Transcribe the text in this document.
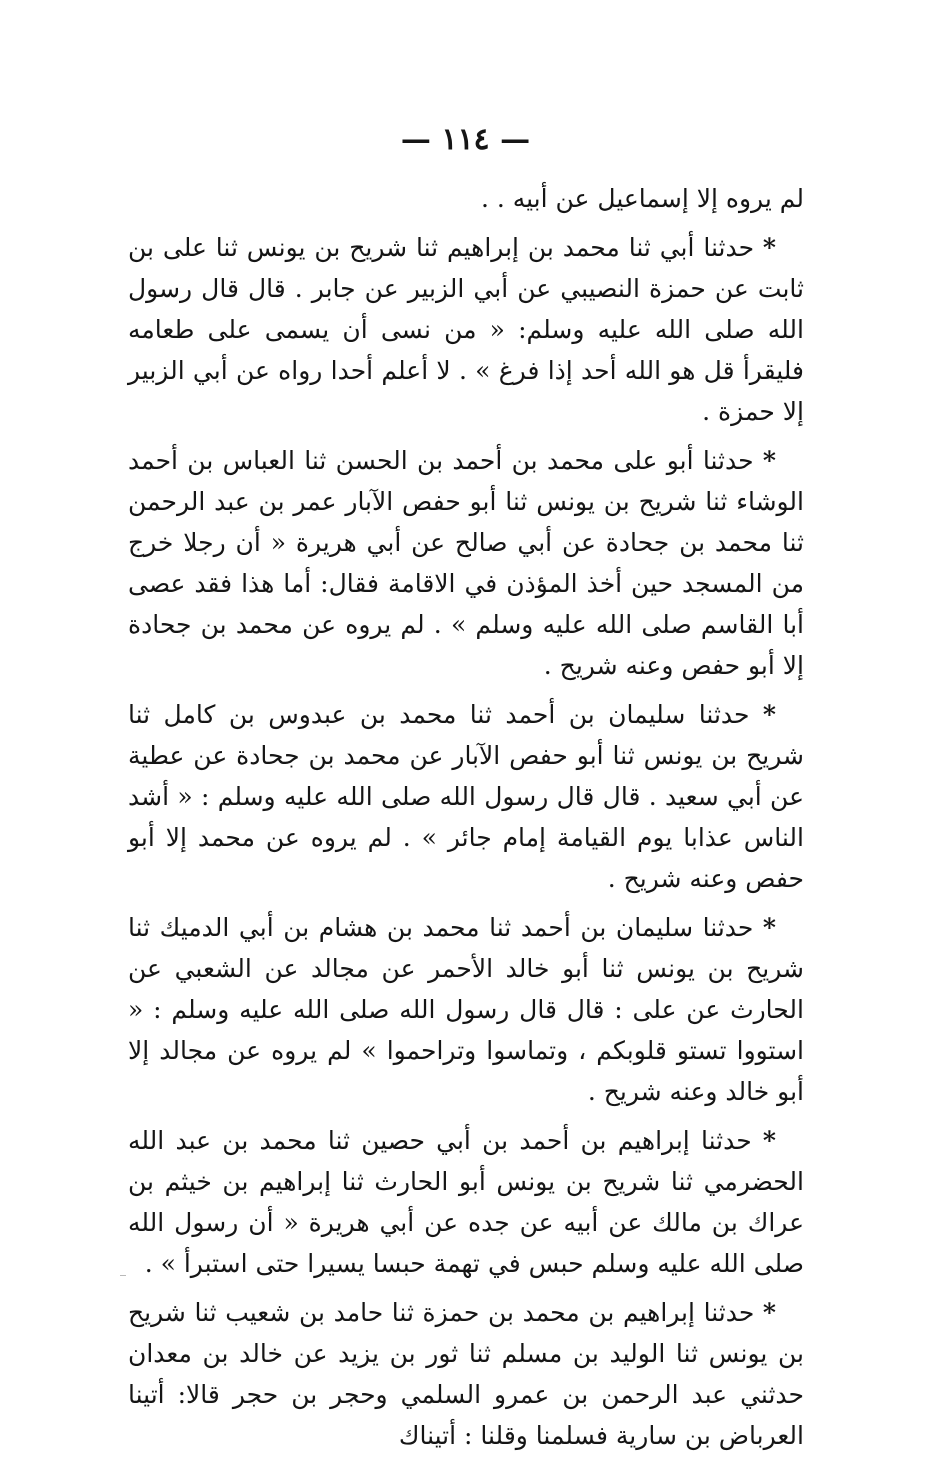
— ١١٤ —

لم يروه إلا إسماعيل عن أبيه . .

* حدثنا أبي ثنا محمد بن إبراهيم ثنا شريح بن يونس ثنا على بن ثابت عن حمزة النصيبي عن أبي الزبير عن جابر . قال قال رسول الله صلى الله عليه وسلم: « من نسى أن يسمى على طعامه فليقرأ قل هو الله أحد إذا فرغ » . لا أعلم أحدا رواه عن أبي الزبير إلا حمزة .

* حدثنا أبو على محمد بن أحمد بن الحسن ثنا العباس بن أحمد الوشاء ثنا شريح بن يونس ثنا أبو حفص الآبار عمر بن عبد الرحمن ثنا محمد بن جحادة عن أبي صالح عن أبي هريرة « أن رجلا خرج من المسجد حين أخذ المؤذن في الاقامة فقال: أما هذا فقد عصى أبا القاسم صلى الله عليه وسلم » . لم يروه عن محمد بن جحادة إلا أبو حفص وعنه شريح .

* حدثنا سليمان بن أحمد ثنا محمد بن عبدوس بن كامل ثنا شريح بن يونس ثنا أبو حفص الآبار عن محمد بن جحادة عن عطية عن أبي سعيد . قال قال رسول الله صلى الله عليه وسلم : « أشد الناس عذابا يوم القيامة إمام جائر » . لم يروه عن محمد إلا أبو حفص وعنه شريح .

* حدثنا سليمان بن أحمد ثنا محمد بن هشام بن أبي الدميك ثنا شريح بن يونس ثنا أبو خالد الأحمر عن مجالد عن الشعبي عن الحارث عن على : قال قال رسول الله صلى الله عليه وسلم : « استووا تستو قلوبكم ، وتماسوا وتراحموا » لم يروه عن مجالد إلا أبو خالد وعنه شريح .

* حدثنا إبراهيم بن أحمد بن أبي حصين ثنا محمد بن عبد الله الحضرمي ثنا شريح بن يونس أبو الحارث ثنا إبراهيم بن خيثم بن عراك بن مالك عن أبيه عن جده عن أبي هريرة « أن رسول الله صلى الله عليه وسلم حبس في تهمة حبسا يسيرا حتى استبرأ » .

* حدثنا إبراهيم بن محمد بن حمزة ثنا حامد بن شعيب ثنا شريح بن يونس ثنا الوليد بن مسلم ثنا ثور بن يزيد عن خالد بن معدان حدثني عبد الرحمن بن عمرو السلمي وحجر بن حجر قالا: أتينا العرباض بن سارية فسلمنا وقلنا : أتيناك
